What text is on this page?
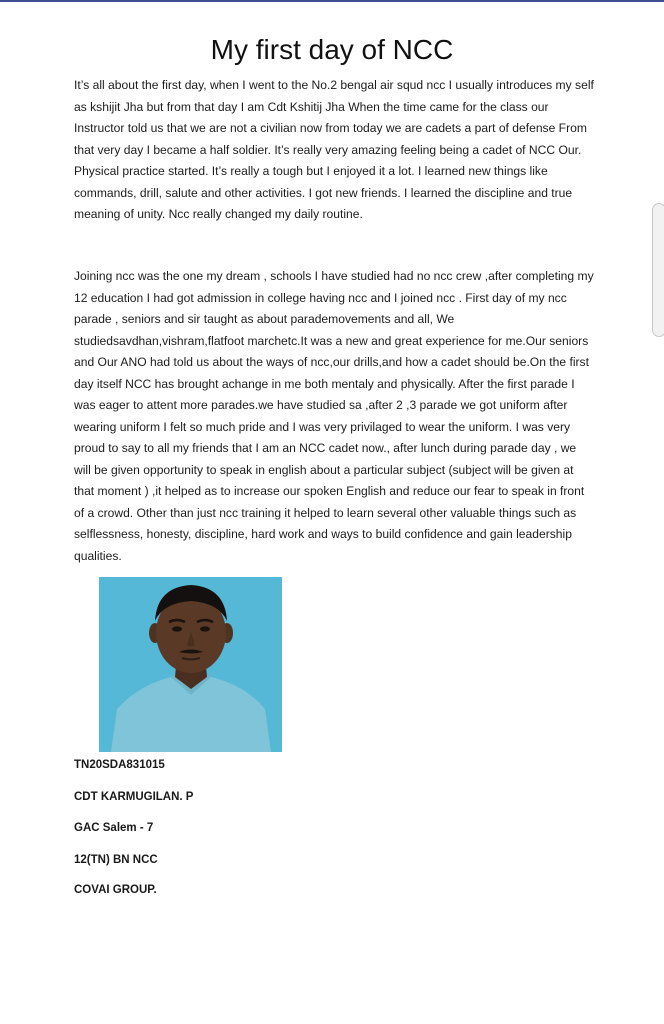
My first day of NCC

It’s all about the first day, when I went to the No.2 bengal air squd ncc I usually introduces my self as kshijit Jha but from that day I am Cdt Kshitij Jha When the time came for the class our Instructor told us that we are not a civilian now from today we are cadets a part of defense From that very day I became a half soldier. It’s really very amazing feeling being a cadet of NCC Our. Physical practice started. It’s really a tough but I enjoyed it a lot. I learned new things like commands, drill, salute and other activities. I got new friends. I learned the discipline and true meaning of unity. Ncc really changed my daily routine.

Joining ncc was the one my dream , schools I have studied had no ncc crew ,after completing my 12 education I had got admission in college having ncc and I joined ncc . First day of my ncc parade , seniors and sir taught as about parademovements and all, We studiedsavdhan,vishram,flatfoot marchetc.It was a new and great experience for me.Our seniors and Our ANO had told us about the ways of ncc,our drills,and how a cadet should be.On the first day itself NCC has brought achange in me both mentaly and physically. After the first parade I was eager to attent more parades.we have studied sa ,after 2 ,3 parade we got uniform after wearing uniform I felt so much pride and I was very privilaged to wear the uniform. I was very proud to say to all my friends that I am an NCC cadet now., after lunch during parade day , we will be given opportunity to speak in english about a particular subject (subject will be given at that moment ) ,it helped as to increase our spoken English and reduce our fear to speak in front of a crowd. Other than just ncc training it helped to learn several other valuable things such as selflessness, honesty, discipline, hard work and ways to build confidence and gain leadership qualities.

TN20SDA831015
CDT KARMUGILAN. P
GAC Salem - 7
12(TN) BN NCC
COVAI GROUP.
